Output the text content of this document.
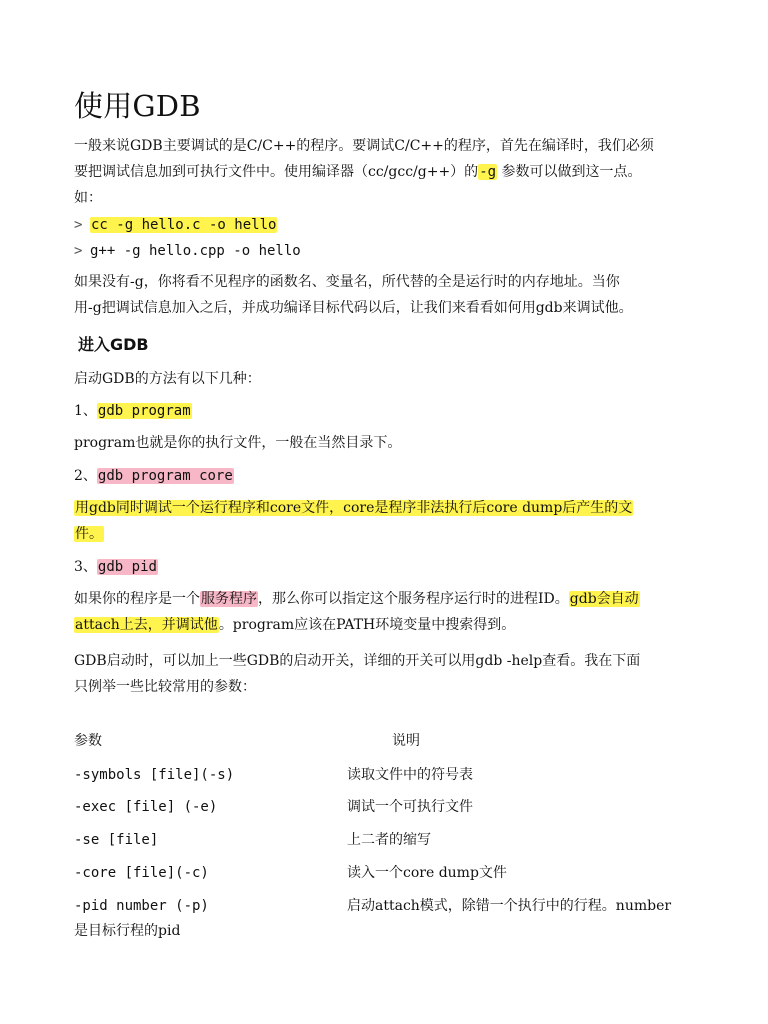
使用GDB
一般来说GDB主要调试的是C/C++的程序。要调试C/C++的程序，首先在编译时，我们必须
要把调试信息加到可执行文件中。使用编译器（cc/gcc/g++）的-g 参数可以做到这一点。
如：
> cc -g hello.c -o hello
> g++ -g hello.cpp -o hello
如果没有-g，你将看不见程序的函数名、变量名，所代替的全是运行时的内存地址。当你
用-g把调试信息加入之后，并成功编译目标代码以后，让我们来看看如何用gdb来调试他。
进入GDB
启动GDB的方法有以下几种：
1、gdb program
program也就是你的执行文件，一般在当然目录下。
2、gdb program core
用gdb同时调试一个运行程序和core文件，core是程序非法执行后core dump后产生的文
件。
3、gdb pid
如果你的程序是一个服务程序，那么你可以指定这个服务程序运行时的进程ID。gdb会自动
attach上去，并调试他。program应该在PATH环境变量中搜索得到。
GDB启动时，可以加上一些GDB的启动开关，详细的开关可以用gdb -help查看。我在下面
只例举一些比较常用的参数：
参数	说明
-symbols [file](-s)	读取文件中的符号表
-exec [file] (-e)	调试一个可执行文件
-se [file]	上二者的缩写
-core [file](-c)	读入一个core dump文件
-pid number (-p)	启动attach模式，除错一个执行中的行程。number
是目标行程的pid
